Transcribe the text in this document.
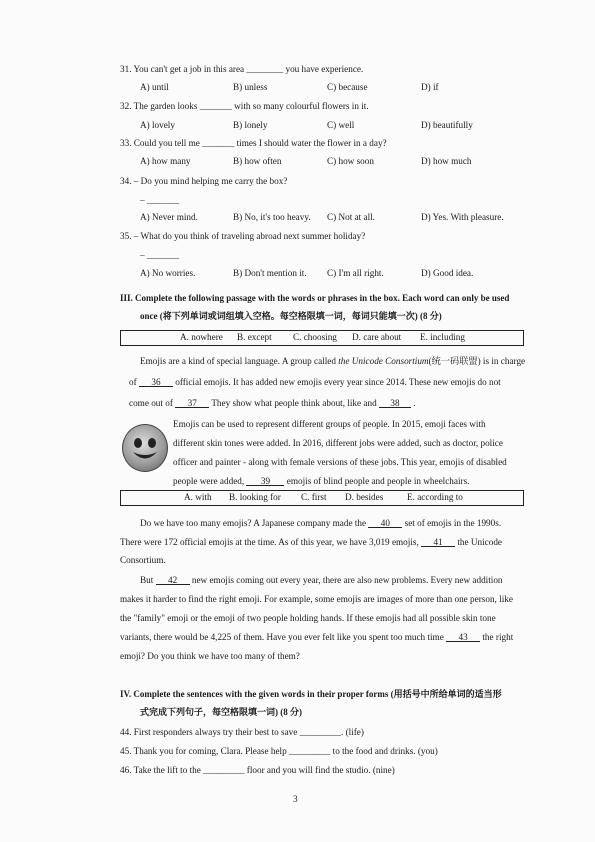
31. You can't get a job in this area ________ you have experience.
A) until	B) unless	C) because	D) if
32. The garden looks _______ with so many colourful flowers in it.
A) lovely	B) lonely	C) well	D) beautifully
33. Could you tell me _______ times I should water the flower in a day?
A) how many	B) how often	C) how soon	D) how much
34. – Do you mind helping me carry the box?
– _______
A) Never mind.	B) No, it's too heavy. C) Not at all.	D) Yes. With pleasure.
35. – What do you think of traveling abroad next summer holiday?
– _______
A) No worries.	B) Don't mention it. C) I'm all right.	D) Good idea.
III. Complete the following passage with the words or phrases in the box. Each word can only be used
once (将下列单词或词组填入空格。每空格限填一词，每词只能填一次) (8 分)
A. nowhere B. except C. choosing D. care about E. including
Emojis are a kind of special language. A group called the Unicode Consortium(统一码联盟) is in charge
of 36 official emojis. It has added new emojis every year since 2014. These new emojis do not
come out of 37 They show what people think about, like and 38 .
Emojis can be used to represent different groups of people. In 2015, emoji faces with
different skin tones were added. In 2016, different jobs were added, such as doctor, police
officer and painter - along with female versions of these jobs. This year, emojis of disabled
people were added, 39 emojis of blind people and people in wheelchairs.
A. with B. looking for C. first D. besides	E. according to
Do we have too many emojis? A Japanese company made the 40 set of emojis in the 1990s.
There were 172 official emojis at the time. As of this year, we have 3,019 emojis, 41 the Unicode
Consortium.
But 42 new emojis coming out every year, there are also new problems. Every new addition
makes it harder to find the right emoji. For example, some emojis are images of more than one person, like
the "family" emoji or the emoji of two people holding hands. If these emojis had all possible skin tone
variants, there would be 4,225 of them. Have you ever felt like you spent too much time 43 the right
emoji? Do you think we have too many of them?
IV. Complete the sentences with the given words in their proper forms (用括号中所给单词的适当形
式完成下列句子，每空格限填一词) (8 分)
44. First responders always try their best to save _________. (life)
45. Thank you for coming, Clara. Please help _________ to the food and drinks. (you)
46. Take the lift to the _________ floor and you will find the studio. (nine)
3
